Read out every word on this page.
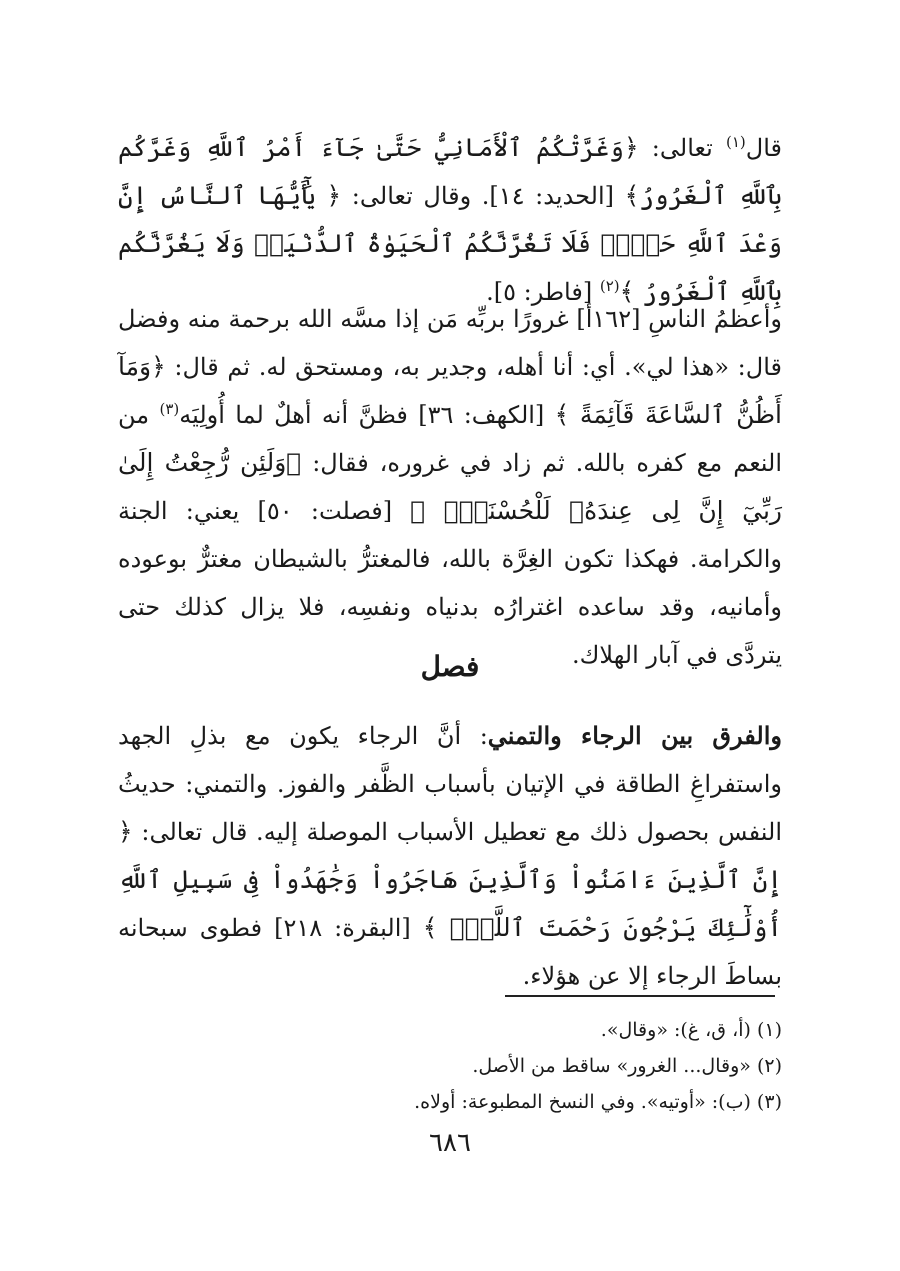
قال$^{(١)}$ تعالى: ﴿وَغَرَّتْكُمُ ٱلْأَمَانِيُّ حَتَّىٰ جَآءَ أَمْرُ ٱللَّهِ وَغَرَّكُم بِٱللَّهِ ٱلْغَرُورُ﴾ [الحديد: ١٤]. وقال تعالى: ﴿ يَٰٓأَيُّهَا ٱلنَّاسُ إِنَّ وَعْدَ ٱللَّهِ حَقٌّۖ فَلَا تَغُرَّنَّكُمُ ٱلْحَيَوٰةُ ٱلدُّنْيَاۖ وَلَا يَغُرَّنَّكُم بِٱللَّهِ ٱلْغَرُورُ ﴾$^{(٢)}$ [فاطر: ٥].

وأعظمُ الناسِ [١٦٢أ] غرورًا بربِّه مَن إذا مسَّه الله برحمة منه وفضل قال: «هذا لي». أي: أنا أهله، وجدير به، ومستحق له. ثم قال: ﴿وَمَآ أَظُنُّ ٱلسَّاعَةَ قَآئِمَةً ﴾ [الكهف: ٣٦] فظنَّ أنه أهلٌ لما أُولِيَه$^{(٣)}$ من النعم مع كفره بالله. ثم زاد في غروره، فقال: ﴿وَلَئِن رُّجِعْتُ إِلَىٰ رَبِّيٓ إِنَّ لِى عِندَهُۥ لَلْحُسْنَىٰۚ ﴾ [فصلت: ٥٠] يعني: الجنة والكرامة. فهكذا تكون الغِرَّة بالله، فالمغترُّ بالشيطان مغترٌّ بوعوده وأمانيه، وقد ساعده اغترارُه بدنياه ونفسِه، فلا يزال كذلك حتى يتردَّى في آبار الهلاك.

فصل

والفرق بين الرجاء والتمني: أنَّ الرجاء يكون مع بذلِ الجهد واستفراغِ الطاقة في الإتيان بأسباب الظَّفر والفوز. والتمني: حديثُ النفس بحصول ذلك مع تعطيل الأسباب الموصلة إليه. قال تعالى: ﴿ إِنَّ ٱلَّذِينَ ءَامَنُواْ وَٱلَّذِينَ هَاجَرُواْ وَجَٰهَدُواْ فِى سَبِيلِ ٱللَّهِ أُوْلَٰٓئِكَ يَرْجُونَ رَحْمَتَ ٱللَّهِۚ ﴾ [البقرة: ٢١٨] فطوى سبحانه بساطَ الرجاء إلا عن هؤلاء.

(١) (أ، ق، غ): «وقال».

(٢) «وقال... الغرور» ساقط من الأصل.

(٣) (ب): «أوتيه». وفي النسخ المطبوعة: أولاه.

٦٨٦
